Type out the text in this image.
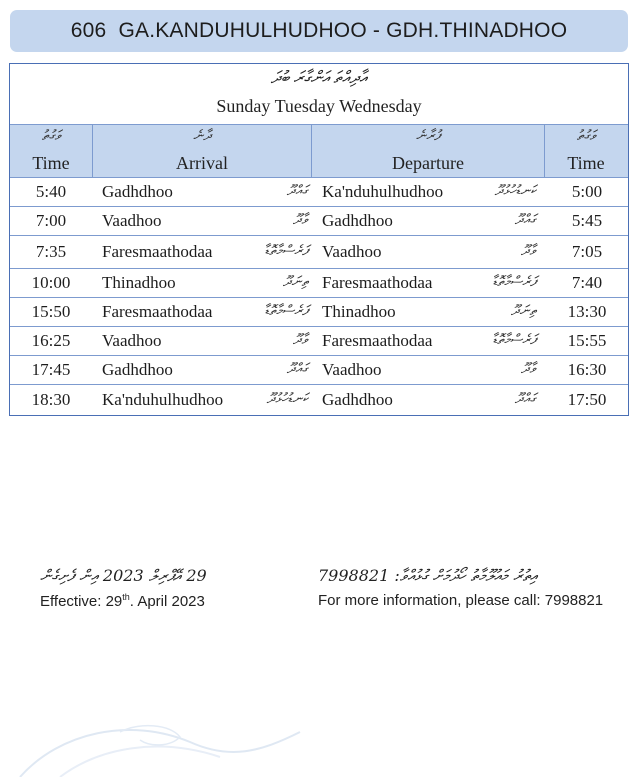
606
GA.KANDUHULHUDHOO - GDH.THINADHOO
އާދިއްތަ އަންގާރަ ބުދަ
Sunday Tuesday Wednesday
ވަގުތު
Time
ދާނެ
Arrival
ފުރާނެ
Departure
ވަގުތު
Time
5:40	Gadhdhoo	ގައްދޫ Ka'nduhulhudhoo	ކަނޑުހުޅުދޫ	5:00
7:00	Vaadhoo	ވާދޫ Gadhdhoo	ގައްދޫ	5:45
7:35	Faresmaathodaa	ފަރެސްމާތޮޑާ Vaadhoo	ވާދޫ	7:05
10:00	Thinadhoo	ތިނަދޫ Faresmaathodaa	ފަރެސްމާތޮޑާ	7:40
15:50	Faresmaathodaa	ފަރެސްމާތޮޑާ Thinadhoo	ތިނަދޫ	13:30
16:25	Vaadhoo	ވާދޫ Faresmaathodaa	ފަރެސްމާތޮޑާ	15:55
17:45	Gadhdhoo	ގައްދޫ Vaadhoo	ވާދޫ	16:30
18:30	Ka'nduhulhudhoo	ކަނޑުހުޅުދޫ Gadhdhoo	ގައްދޫ	17:50
29 އޭޕްރިލް 2023 އިން ފެށިގެން
Effective: 29th. April 2023
އިތުރު މައުލޫމާތު ހޯދުމަށް ގުޅުއްވާ: 7998821
For more information, please call: 7998821
